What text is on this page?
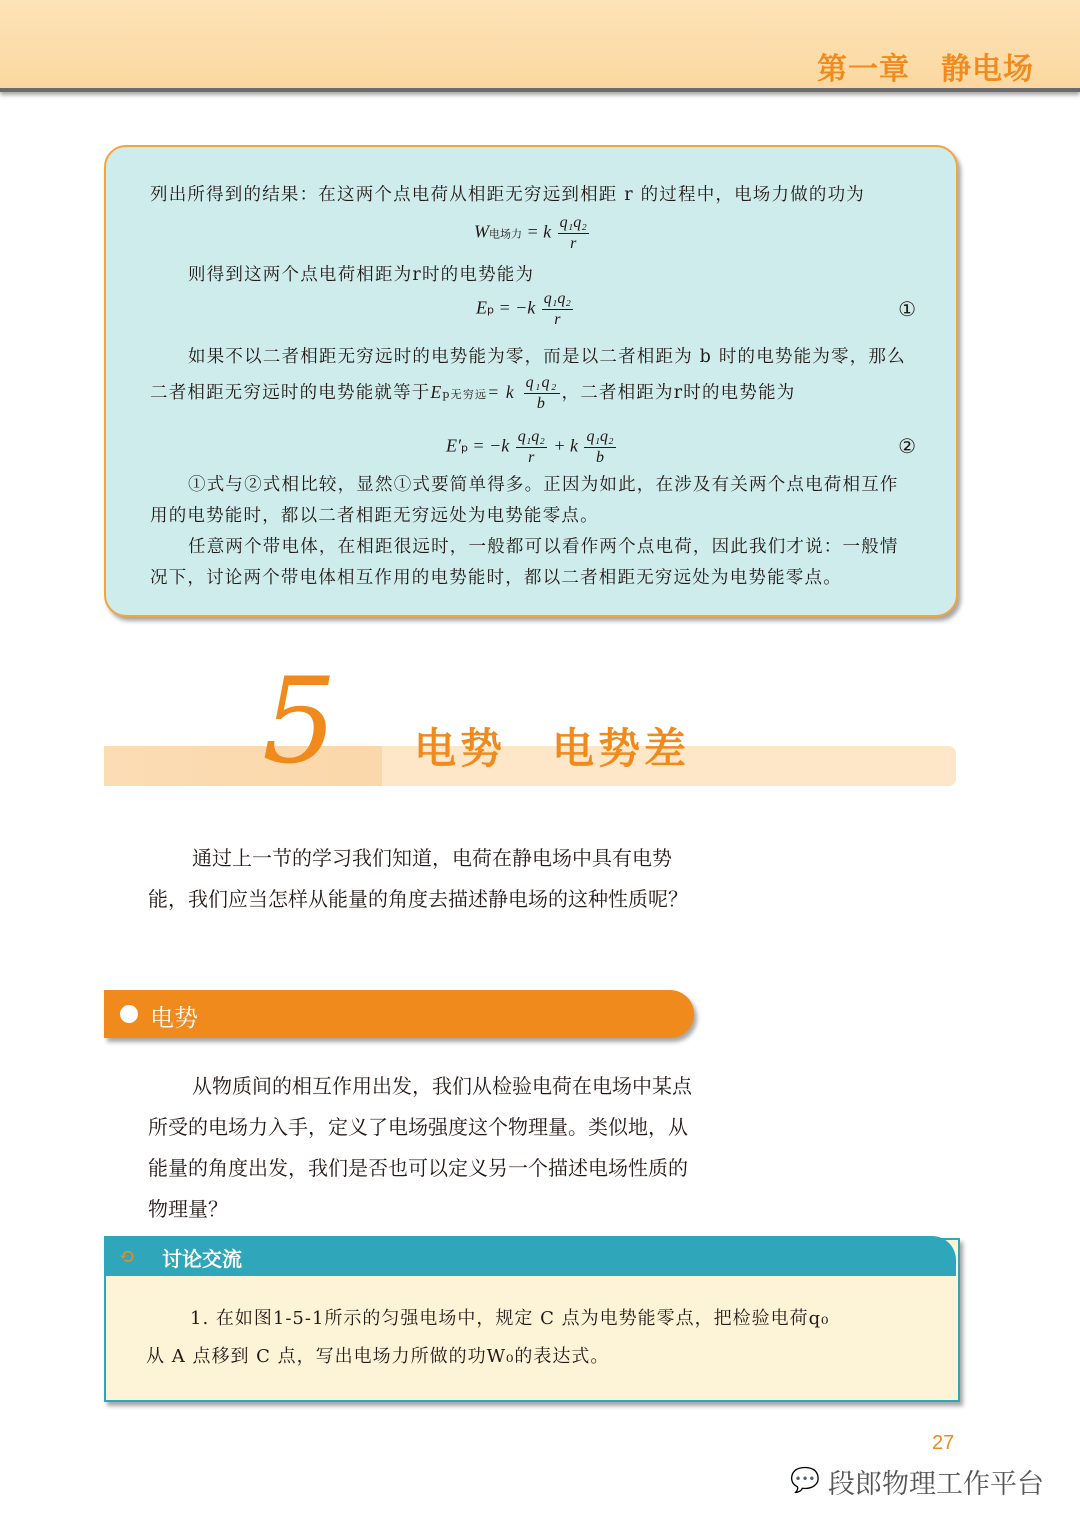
第一章　静电场
列出所得到的结果：在这两个点电荷从相距无穷远到相距 r 的过程中，电场力做的功为
W电场力 = k $\frac{\text{q₁q₂}}{r}$
则得到这两个点电荷相距为r时的电势能为
$Ep = -k \frac{\text{q₁q₂}}{r}$	①
如果不以二者相距无穷远时的电势能为零，而是以二者相距为 b 时的电势能为零，那么
二者相距无穷远时的电势能就等于Ep无穷远= k $\frac{\text{q₁q₂}}{b}$ ，二者相距为r时的电势能为
$E'p = -k \frac{\text{q₁q₂}}{r} + k \frac{\text{q₁q₂}}{b}$	②
①式与②式相比较，显然①式要简单得多。正因为如此，在涉及有关两个点电荷相互作
用的电势能时，都以二者相距无穷远处为电势能零点。
任意两个带电体，在相距很远时，一般都可以看作两个点电荷，因此我们才说：一般情
况下，讨论两个带电体相互作用的电势能时，都以二者相距无穷远处为电势能零点。
5 电势　电势差
通过上一节的学习我们知道，电荷在静电场中具有电势能，我们应当怎样从能量的角度去描述静电场的这种性质呢？
电势
从物质间的相互作用出发，我们从检验电荷在电场中某点所受的电场力入手，定义了电场强度这个物理量。类似地，从能量的角度出发，我们是否也可以定义另一个描述电场性质的物理量？
⟲ 讨论交流
1. 在如图1-5-1所示的匀强电场中，规定 C 点为电势能零点，把检验电荷q₀
从 A 点移到 C 点，写出电场力所做的功W₀的表达式。
27
💬 段郎物理工作平台
